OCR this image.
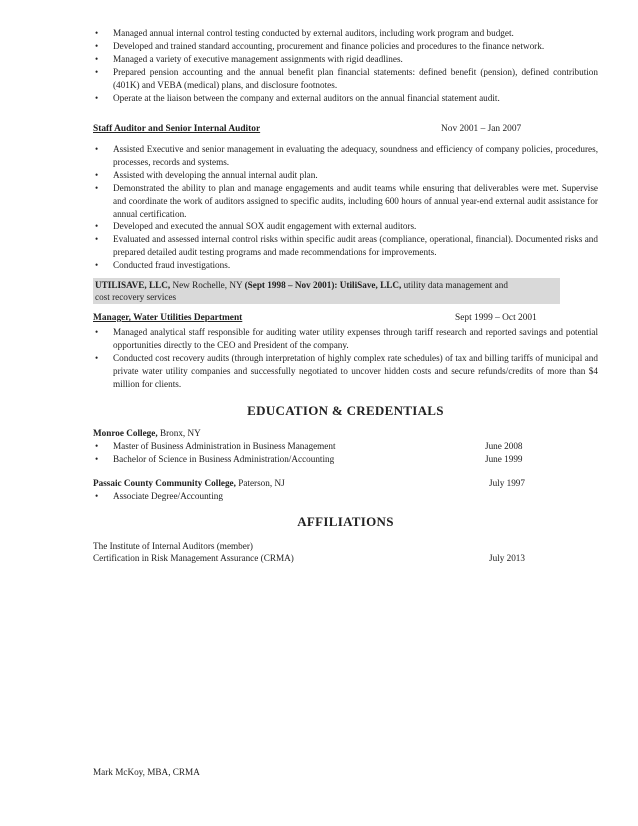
• Managed annual internal control testing conducted by external auditors, including work program and budget.
• Developed and trained standard accounting, procurement and finance policies and procedures to the finance network.
• Managed a variety of executive management assignments with rigid deadlines.
• Prepared pension accounting and the annual benefit plan financial statements: defined benefit (pension), defined contribution (401K) and VEBA (medical) plans, and disclosure footnotes.
• Operate at the liaison between the company and external auditors on the annual financial statement audit.
Staff Auditor and Senior Internal Auditor	Nov 2001 – Jan 2007
• Assisted Executive and senior management in evaluating the adequacy, soundness and efficiency of company policies, procedures, processes, records and systems.
• Assisted with developing the annual internal audit plan.
• Demonstrated the ability to plan and manage engagements and audit teams while ensuring that deliverables were met. Supervise and coordinate the work of auditors assigned to specific audits, including 600 hours of annual year-end external audit assistance for annual certification.
• Developed and executed the annual SOX audit engagement with external auditors.
• Evaluated and assessed internal control risks within specific audit areas (compliance, operational, financial). Documented risks and prepared detailed audit testing programs and made recommendations for improvements.
• Conducted fraud investigations.
UTILISAVE, LLC, New Rochelle, NY (Sept 1998 – Nov 2001): UtiliSave, LLC, utility data management and
cost recovery services
Manager, Water Utilities Department	Sept 1999 – Oct 2001
• Managed analytical staff responsible for auditing water utility expenses through tariff research and reported savings and potential opportunities directly to the CEO and President of the company.
• Conducted cost recovery audits (through interpretation of highly complex rate schedules) of tax and billing tariffs of municipal and private water utility companies and successfully negotiated to uncover hidden costs and secure refunds/credits of more than $4 million for clients.
EDUCATION & CREDENTIALS
Monroe College, Bronx, NY
• Master of Business Administration in Business Management	June 2008
• Bachelor of Science in Business Administration/Accounting	June 1999
Passaic County Community College, Paterson, NJ	July 1997
• Associate Degree/Accounting
AFFILIATIONS
The Institute of Internal Auditors (member)
Certification in Risk Management Assurance (CRMA)	July 2013
Mark McKoy, MBA, CRMA
